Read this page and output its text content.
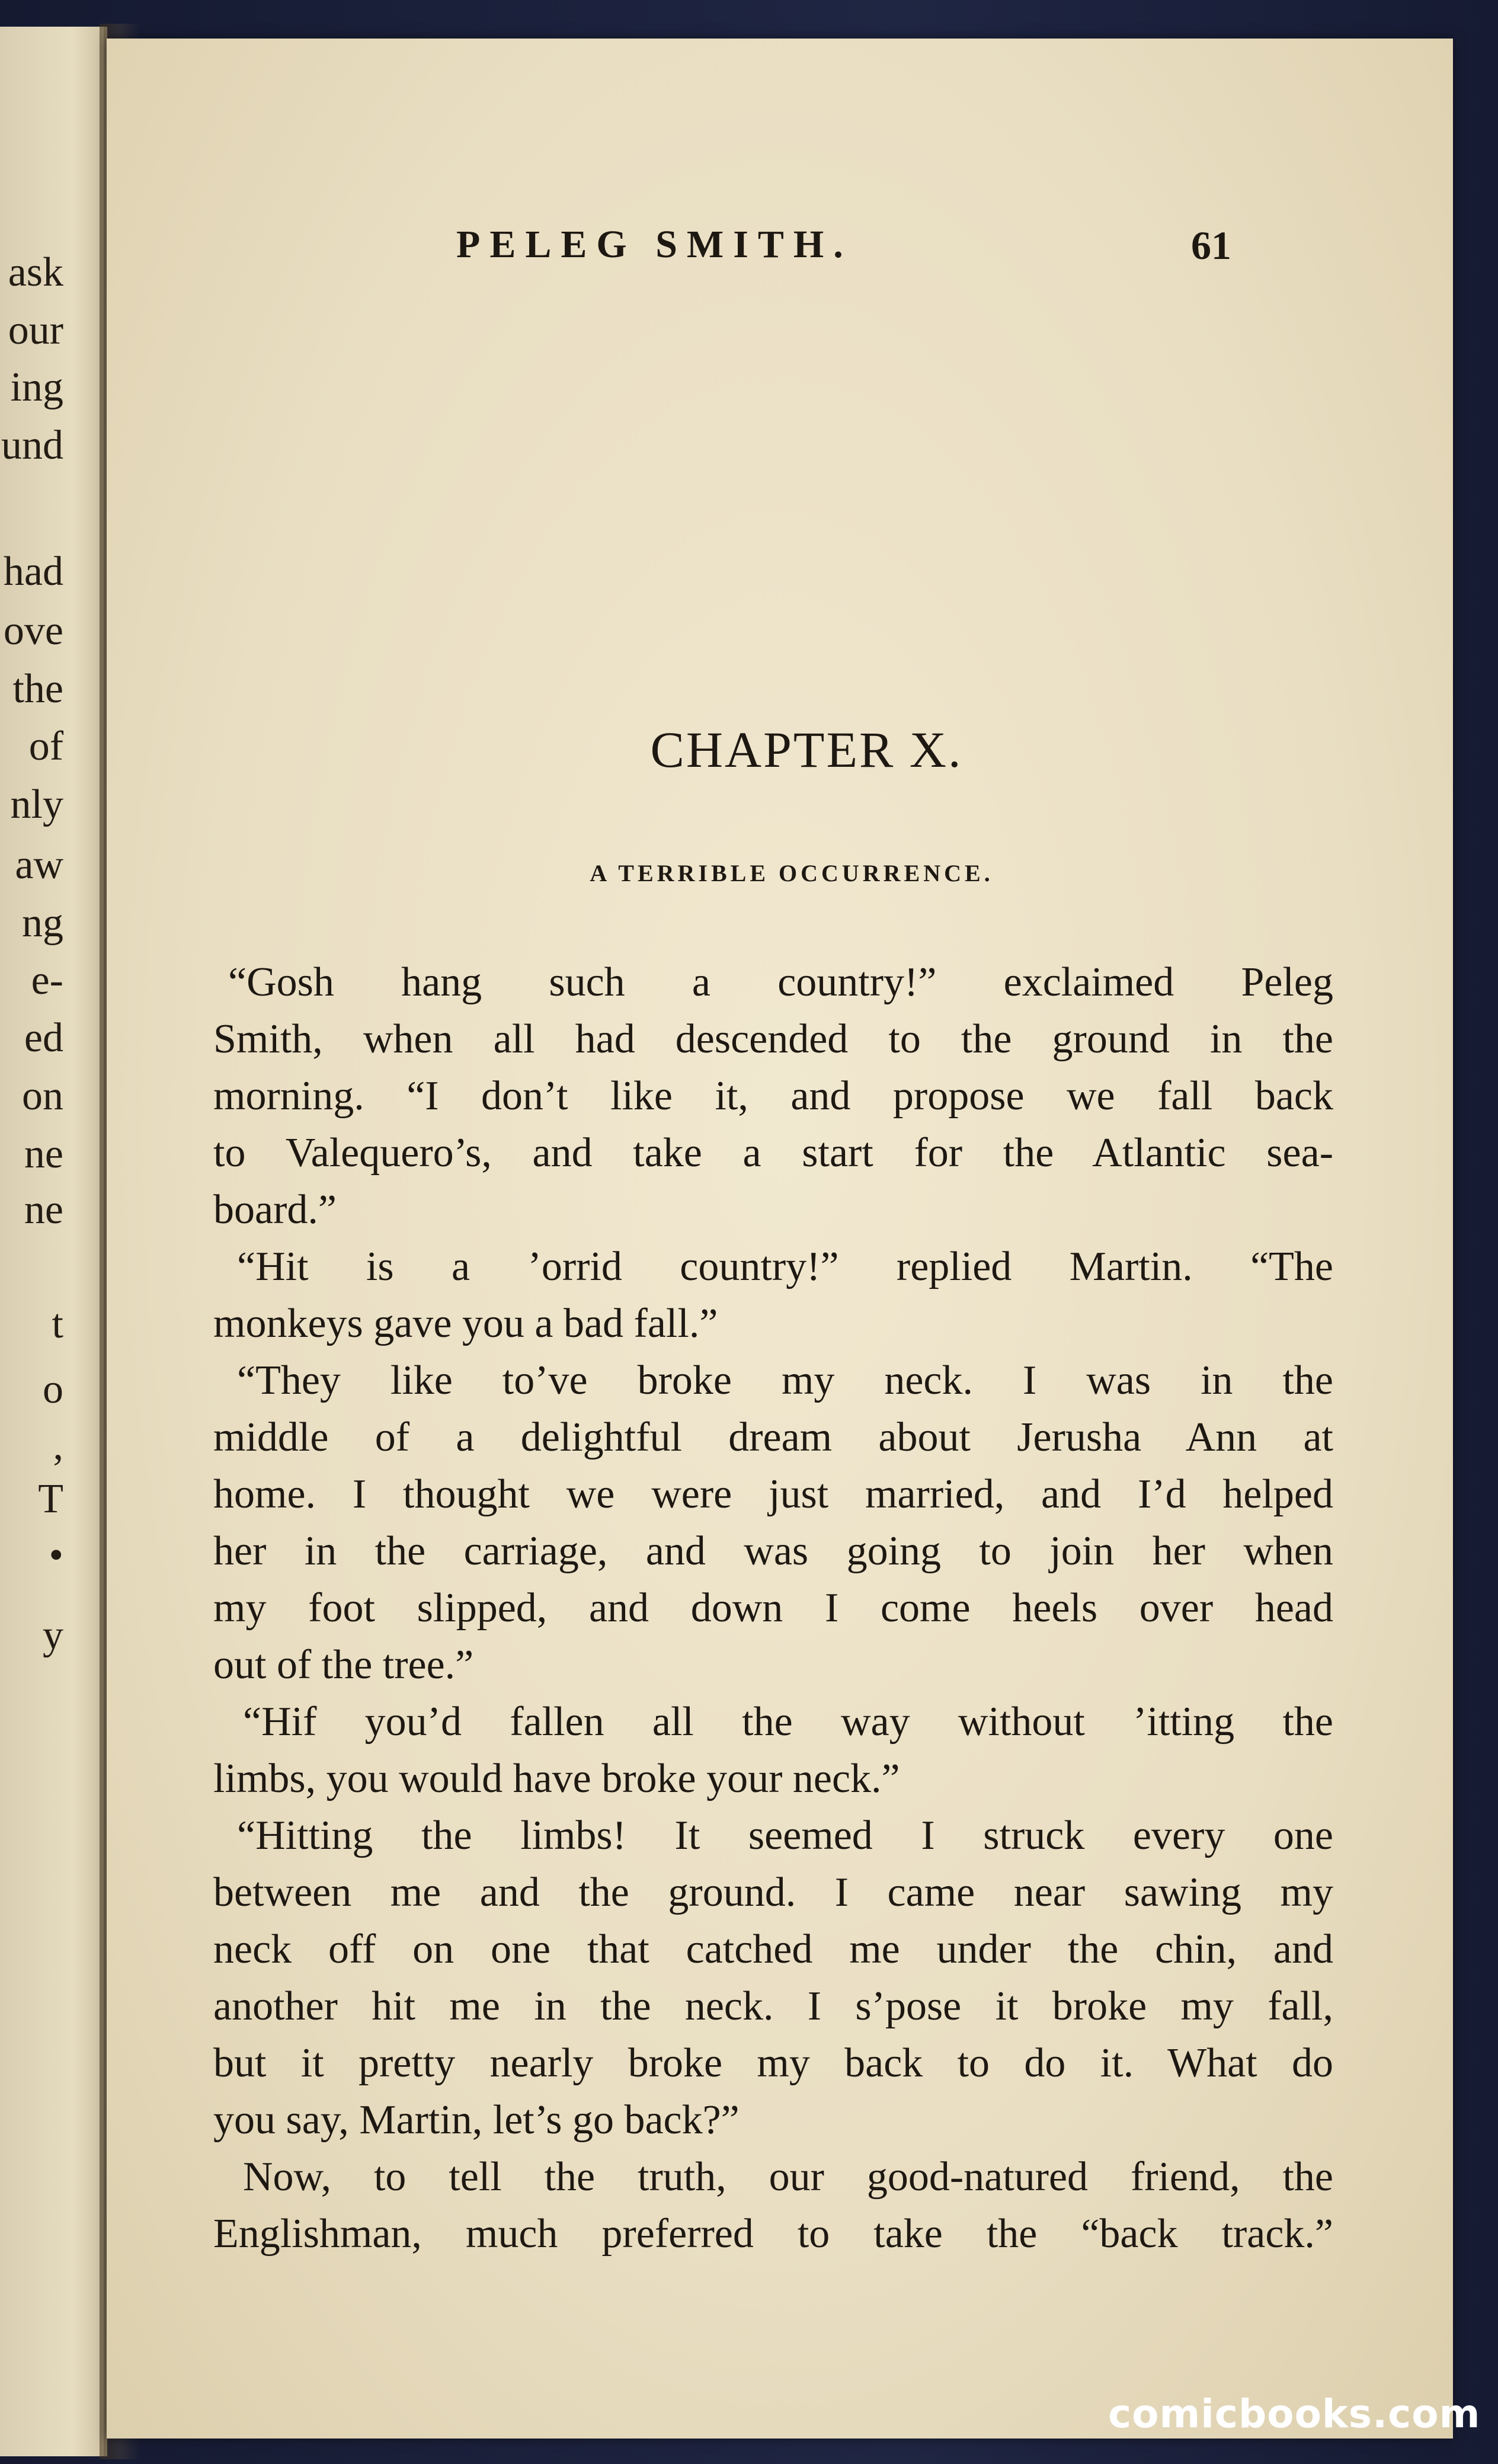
ask
our
ing
und
had
ove
the
of
nly
aw
ng
e-
ed
on
ne
ne
t
o
,
T
•
y
PELEG SMITH.	61
CHAPTER X.
A TERRIBLE OCCURRENCE.
“Gosh hang such a country!” exclaimed Peleg
Smith, when all had descended to the ground in the
morning. “I don’t like it, and propose we fall back
to Valequero’s, and take a start for the Atlantic sea-
board.”
“Hit is a ’orrid country!” replied Martin. “The
monkeys gave you a bad fall.”
“They like to’ve broke my neck. I was in the
middle of a delightful dream about Jerusha Ann at
home. I thought we were just married, and I’d helped
her in the carriage, and was going to join her when
my foot slipped, and down I come heels over head
out of the tree.”
“Hif you’d fallen all the way without ’itting the
limbs, you would have broke your neck.”
“Hitting the limbs! It seemed I struck every one
between me and the ground. I came near sawing my
neck off on one that catched me under the chin, and
another hit me in the neck. I s’pose it broke my fall,
but it pretty nearly broke my back to do it. What do
you say, Martin, let’s go back?”
Now, to tell the truth, our good-natured friend, the
Englishman, much preferred to take the “back track.”
comicbooks.com
